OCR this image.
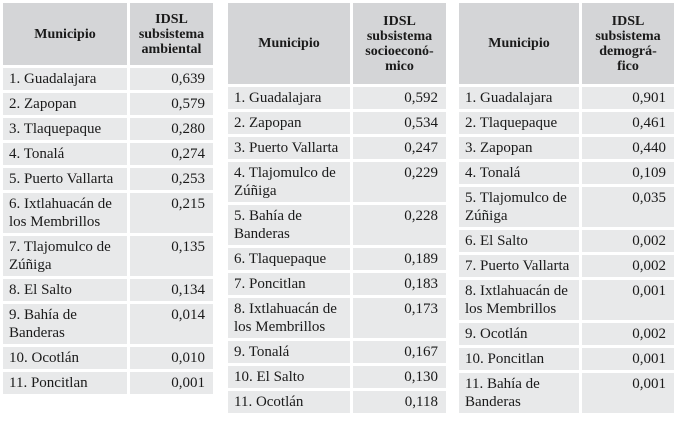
Municipio	IDSL
subsistema
ambiental
1. Guadalajara	0,639
2. Zapopan	0,579
3. Tlaquepaque	0,280
4. Tonalá	0,274
5. Puerto Vallarta	0,253
6. Ixtlahuacán de
los Membrillos	0,215
7. Tlajomulco de
Zúñiga	0,135
8. El Salto	0,134
9. Bahía de
Banderas	0,014
10. Ocotlán	0,010
11. Poncitlan	0,001
Municipio	IDSL
subsistema
socioeconó-
mico
1. Guadalajara	0,592
2. Zapopan	0,534
3. Puerto Vallarta	0,247
4. Tlajomulco de
Zúñiga	0,229
5. Bahía de
Banderas	0,228
6. Tlaquepaque	0,189
7. Poncitlan	0,183
8. Ixtlahuacán de
los Membrillos	0,173
9. Tonalá	0,167
10. El Salto	0,130
11. Ocotlán	0,118
Municipio	IDSL
subsistema
demográ-
fico
1. Guadalajara	0,901
2. Tlaquepaque	0,461
3. Zapopan	0,440
4. Tonalá	0,109
5. Tlajomulco de
Zúñiga	0,035
6. El Salto	0,002
7. Puerto Vallarta	0,002
8. Ixtlahuacán de
los Membrillos	0,001
9. Ocotlán	0,002
10. Poncitlan	0,001
11. Bahía de
Banderas	0,001
